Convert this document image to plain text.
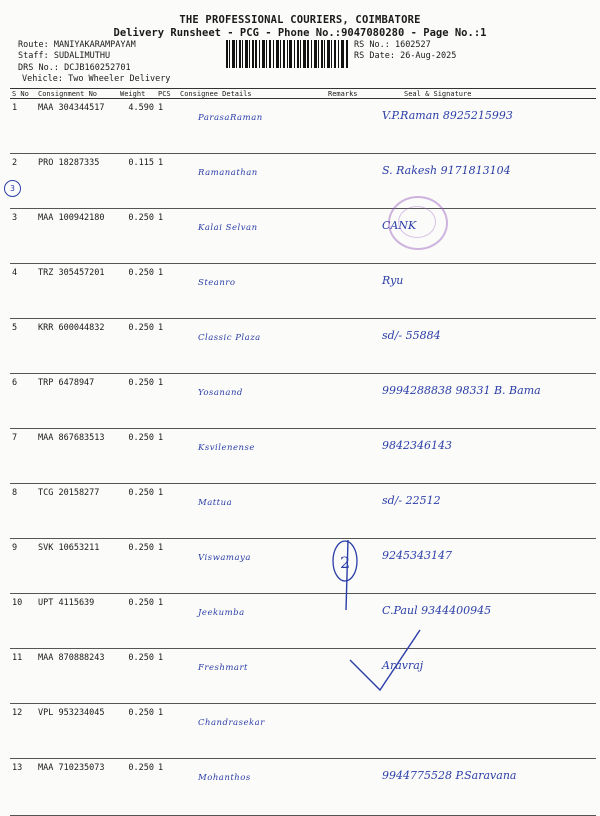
THE PROFESSIONAL COURIERS, COIMBATORE
Delivery Runsheet - PCG - Phone No.:9047080280 - Page No.:1
Route: MANIYAKARAMPAYAM
Staff: SUDALIMUTHU
DRS No.: DCJB160252701
Vehicle: Two Wheeler Delivery
RS No.: 1602527
RS Date: 26-Aug-2025
S No	Consignment No	Weight	PCS	Consignee Details	Remarks	Seal & Signature
1	MAA 304344517	4.590	1	ParasaRaman		V.P.Raman 8925215993
2	PRO 18287335	0.115	1	Ramanathan		S. Rakesh 9171813104
3	MAA 100942180	0.250	1	Kalai Selvan		CANK
4	TRZ 305457201	0.250	1	Steanro		Ryu
5	KRR 600044832	0.250	1	Classic Plaza		sd/- 55884
6	TRP 6478947	0.250	1	Yosanand		9994288838 98331 B. Bama
7	MAA 867683513	0.250	1	Ksvilenense		9842346143
8	TCG 20158277	0.250	1	Mattua		sd/- 22512
9	SVK 10653211	0.250	1	Viswamaya		9245343147
10	UPT 4115639	0.250	1	Jeekumba		C.Paul 9344400945
11	MAA 870888243	0.250	1	Freshmart		Aravraj
12	VPL 953234045	0.250	1	Chandrasekar		
13	MAA 710235073	0.250	1	Mohanthos		9944775528 P.Saravana
3
2
